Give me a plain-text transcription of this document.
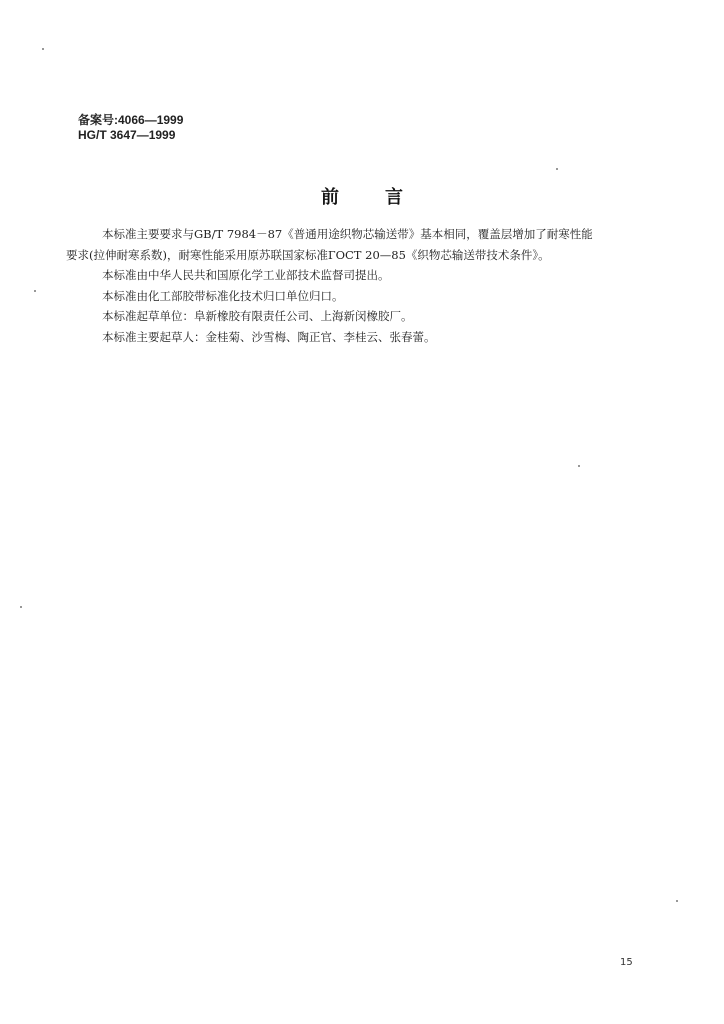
备案号:4066—1999
HG/T 3647—1999
前言

本标准主要要求与GB/T 7984－87《普通用途织物芯输送带》基本相同，覆盖层增加了耐寒性能

要求(拉伸耐寒系数)，耐寒性能采用原苏联国家标准ГОСТ 20—85《织物芯输送带技术条件》。

本标准由中华人民共和国原化学工业部技术监督司提出。

本标准由化工部胶带标准化技术归口单位归口。

本标准起草单位：阜新橡胶有限责任公司、上海新闵橡胶厂。

本标准主要起草人：金桂菊、沙雪梅、陶正官、李桂云、张春蕾。

15
